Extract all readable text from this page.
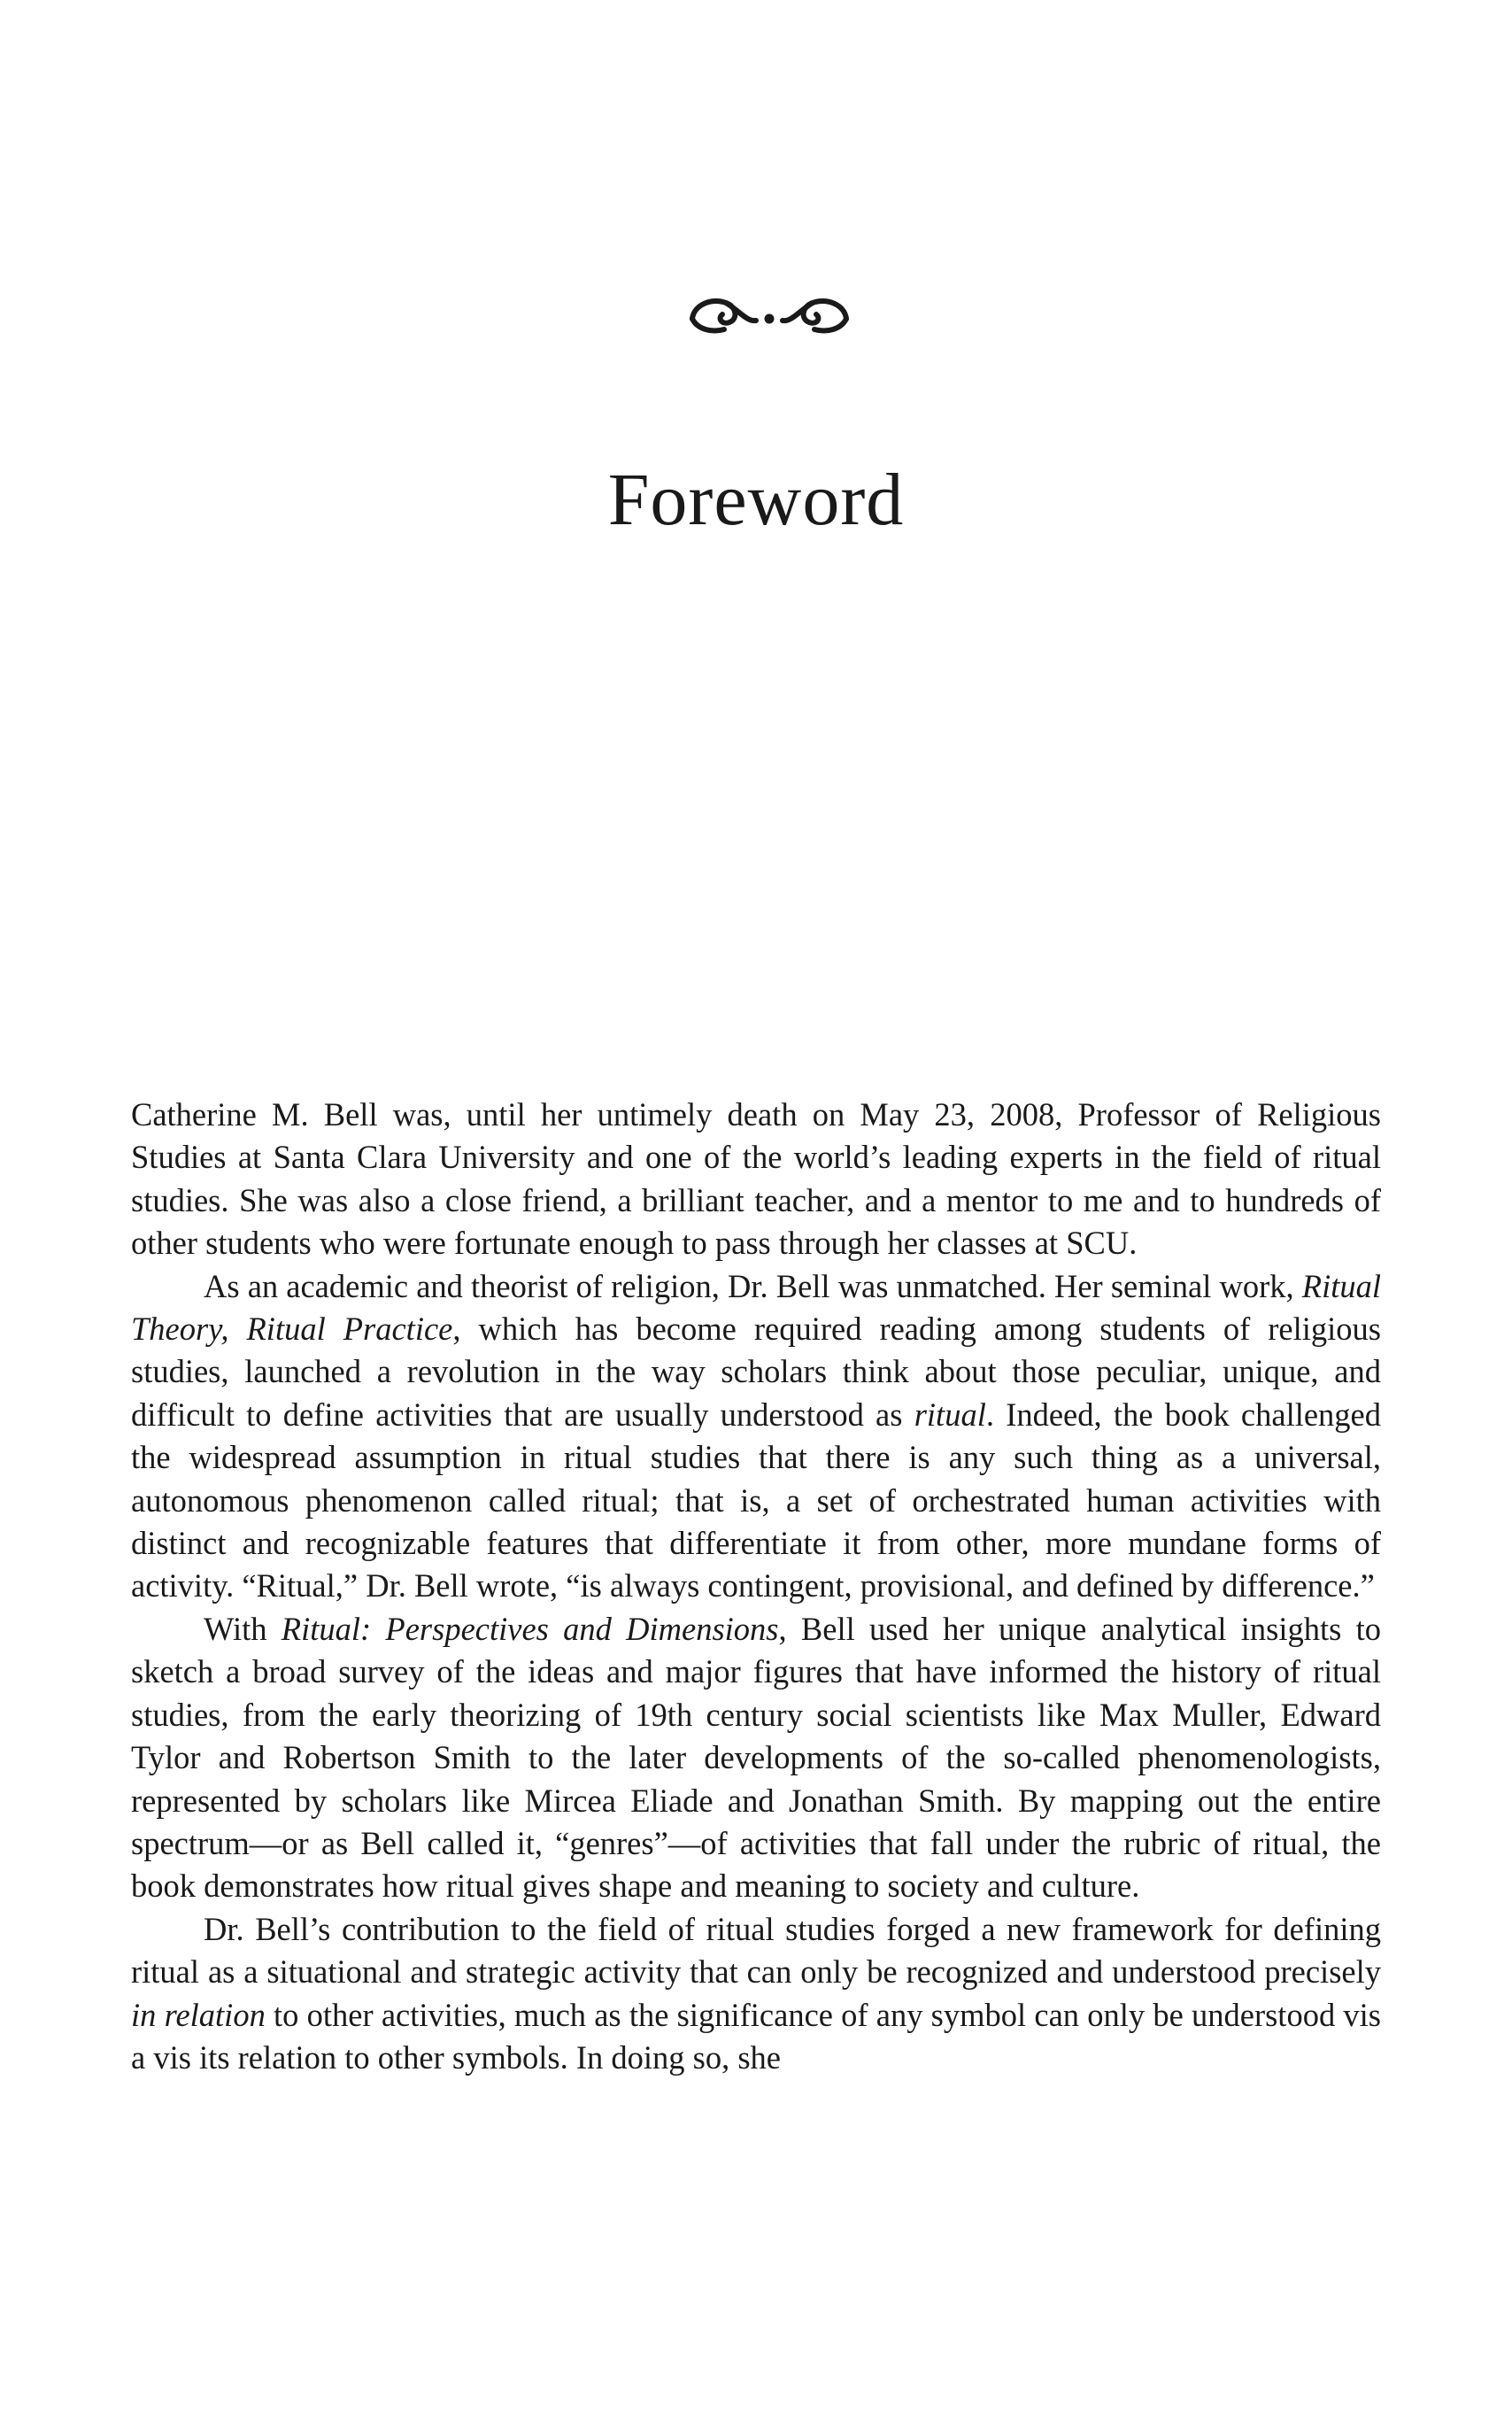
Foreword

Catherine M. Bell was, until her untimely death on May 23, 2008, Professor of Religious Studies at Santa Clara University and one of the world’s leading experts in the field of ritual studies. She was also a close friend, a brilliant teacher, and a mentor to me and to hundreds of other students who were fortunate enough to pass through her classes at SCU.

As an academic and theorist of religion, Dr. Bell was unmatched. Her seminal work, Ritual Theory, Ritual Practice, which has become required reading among students of religious studies, launched a revolution in the way scholars think about those peculiar, unique, and difficult to define activities that are usually understood as ritual. Indeed, the book challenged the widespread assumption in ritual studies that there is any such thing as a universal, autonomous phenomenon called ritual; that is, a set of orchestrated human activities with distinct and recognizable features that differentiate it from other, more mundane forms of activity. “Ritual,” Dr. Bell wrote, “is always contingent, provisional, and defined by difference.”

With Ritual: Perspectives and Dimensions, Bell used her unique analytical insights to sketch a broad survey of the ideas and major figures that have informed the history of ritual studies, from the early theorizing of 19th century social scientists like Max Muller, Edward Tylor and Robertson Smith to the later developments of the so-called phenomenologists, represented by scholars like Mircea Eliade and Jonathan Smith. By mapping out the entire spectrum—or as Bell called it, “genres”—of activities that fall under the rubric of ritual, the book demonstrates how ritual gives shape and meaning to society and culture.

Dr. Bell’s contribution to the field of ritual studies forged a new framework for defining ritual as a situational and strategic activity that can only be recognized and understood precisely in relation to other activities, much as the significance of any symbol can only be understood vis a vis its relation to other symbols. In doing so, she
